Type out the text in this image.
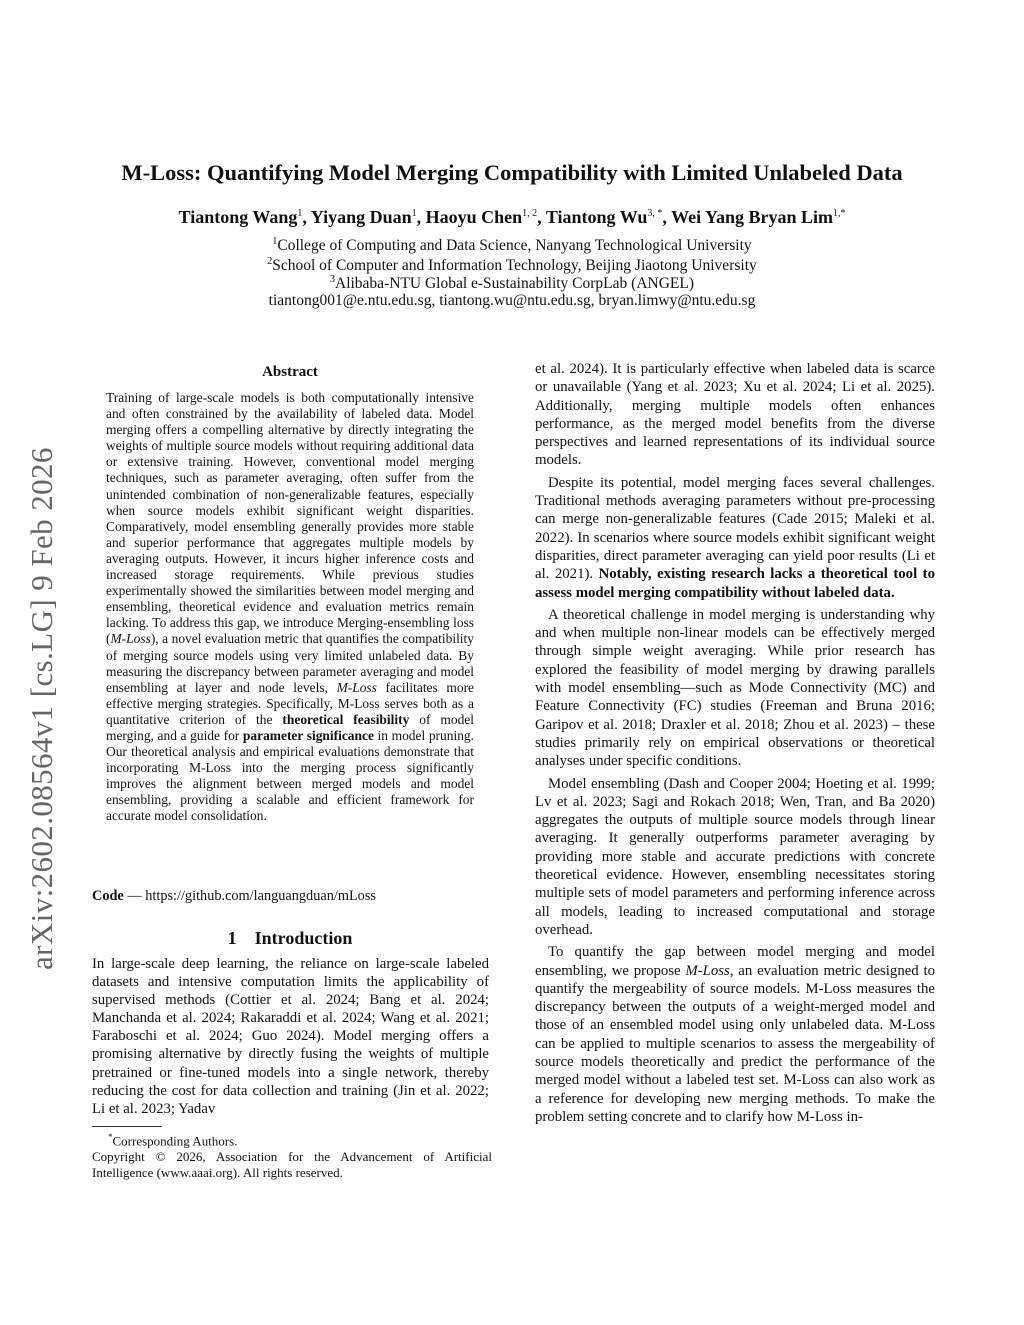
arXiv:2602.08564v1 [cs.LG] 9 Feb 2026
M-Loss: Quantifying Model Merging Compatibility with Limited Unlabeled Data
Tiantong Wang$^1$, Yiyang Duan$^1$, Haoyu Chen$^{1, 2}$, Tiantong $Wu^{3, *}$, Wei Yang Bryan Lim$^{1,*}$
$^1$College of Computing and Data Science, Nanyang Technological University
$^2$School of Computer and Information Technology, Beijing Jiaotong University
$^3$Alibaba-NTU Global e-Sustainability CorpLab (ANGEL)
tiantong001@e.ntu.edu.sg, tiantong.wu@ntu.edu.sg, bryan.limwy@ntu.edu.sg
Abstract
Training of large-scale models is both computationally intensive and often constrained by the availability of labeled data. Model merging offers a compelling alternative by directly integrating the weights of multiple source models without requiring additional data or extensive training. However, conventional model merging techniques, such as parameter averaging, often suffer from the unintended combination of non-generalizable features, especially when source models exhibit significant weight disparities. Comparatively, model ensembling generally provides more stable and superior performance that aggregates multiple models by averaging outputs. However, it incurs higher inference costs and increased storage requirements. While previous studies experimentally showed the similarities between model merging and ensembling, theoretical evidence and evaluation metrics remain lacking. To address this gap, we introduce Merging-ensembling loss (M-Loss), a novel evaluation metric that quantifies the compatibility of merging source models using very limited unlabeled data. By measuring the discrepancy between parameter averaging and model ensembling at layer and node levels, M-Loss facilitates more effective merging strategies. Specifically, M-Loss serves both as a quantitative criterion of the theoretical feasibility of model merging, and a guide for parameter significance in model pruning. Our theoretical analysis and empirical evaluations demonstrate that incorporating M-Loss into the merging process significantly improves the alignment between merged models and model ensembling, providing a scalable and efficient framework for accurate model consolidation.
Code — https://github.com/languangduan/mLoss
1 Introduction
In large-scale deep learning, the reliance on large-scale labeled datasets and intensive computation limits the applicability of supervised methods (Cottier et al. 2024; Bang et al. 2024; Manchanda et al. 2024; Rakaraddi et al. 2024; Wang et al. 2021; Faraboschi et al. 2024; Guo 2024). Model merging offers a promising alternative by directly fusing the weights of multiple pretrained or fine-tuned models into a single network, thereby reducing the cost for data collection and training (Jin et al. 2022; Li et al. 2023; Yadav
*Corresponding Authors.
Copyright © 2026, Association for the Advancement of Artificial Intelligence (www.aaai.org). All rights reserved.

et al. 2024). It is particularly effective when labeled data is scarce or unavailable (Yang et al. 2023; Xu et al. 2024; Li et al. 2025). Additionally, merging multiple models often enhances performance, as the merged model benefits from the diverse perspectives and learned representations of its individual source models.

Despite its potential, model merging faces several challenges. Traditional methods averaging parameters without pre-processing can merge non-generalizable features (Cade 2015; Maleki et al. 2022). In scenarios where source models exhibit significant weight disparities, direct parameter averaging can yield poor results (Li et al. 2021). Notably, existing research lacks a theoretical tool to assess model merging compatibility without labeled data.

A theoretical challenge in model merging is understanding why and when multiple non-linear models can be effectively merged through simple weight averaging. While prior research has explored the feasibility of model merging by drawing parallels with model ensembling—such as Mode Connectivity (MC) and Feature Connectivity (FC) studies (Freeman and Bruna 2016; Garipov et al. 2018; Draxler et al. 2018; Zhou et al. 2023) – these studies primarily rely on empirical observations or theoretical analyses under specific conditions.

Model ensembling (Dash and Cooper 2004; Hoeting et al. 1999; Lv et al. 2023; Sagi and Rokach 2018; Wen, Tran, and Ba 2020) aggregates the outputs of multiple source models through linear averaging. It generally outperforms parameter averaging by providing more stable and accurate predictions with concrete theoretical evidence. However, ensembling necessitates storing multiple sets of model parameters and performing inference across all models, leading to increased computational and storage overhead.

To quantify the gap between model merging and model ensembling, we propose M-Loss, an evaluation metric designed to quantify the mergeability of source models. M-Loss measures the discrepancy between the outputs of a weight-merged model and those of an ensembled model using only unlabeled data. M-Loss can be applied to multiple scenarios to assess the mergeability of source models theoretically and predict the performance of the merged model without a labeled test set. M-Loss can also work as a reference for developing new merging methods. To make the problem setting concrete and to clarify how M-Loss in-
